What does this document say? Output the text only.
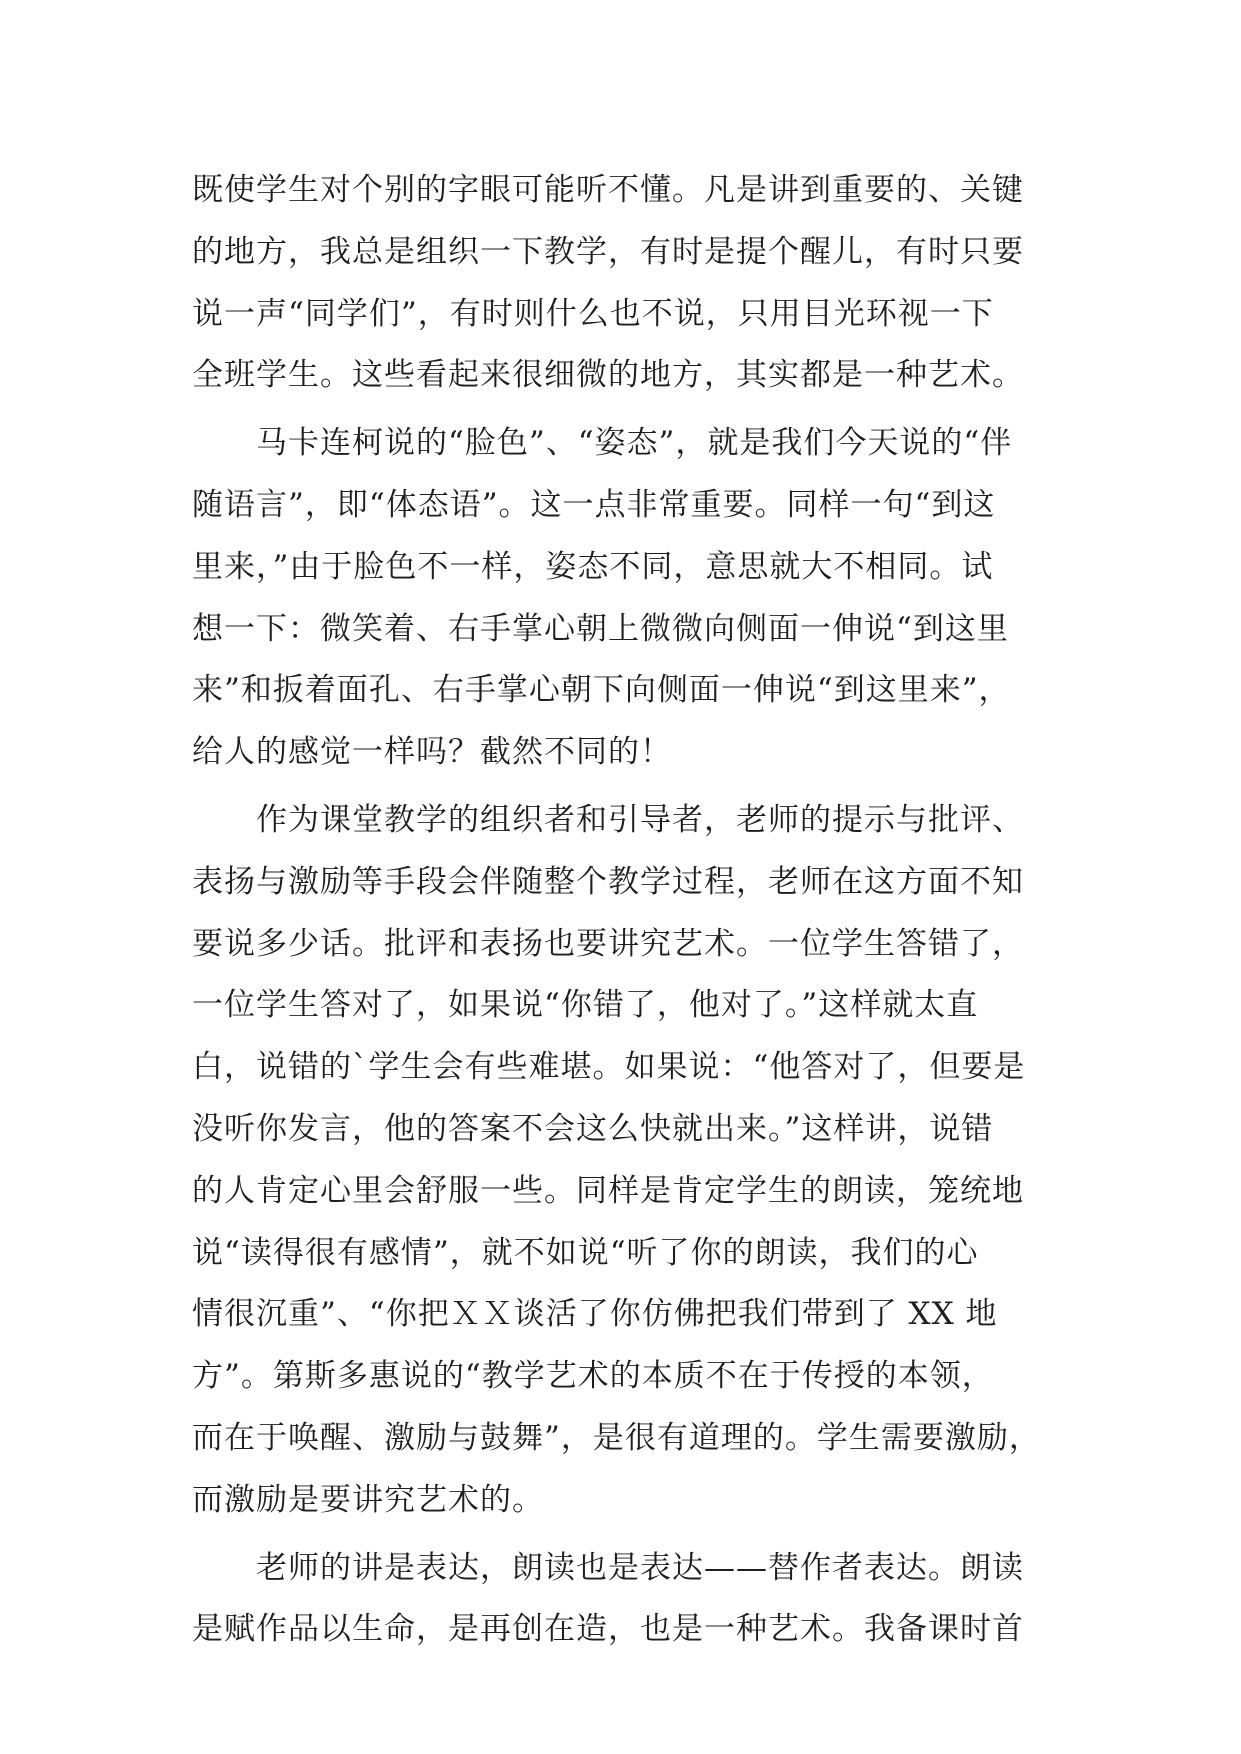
既使学生对个别的字眼可能听不懂。凡是讲到重要的、关键
的地方，我总是组织一下教学，有时是提个醒儿，有时只要
说一声“同学们”，有时则什么也不说，只用目光环视一下
全班学生。这些看起来很细微的地方，其实都是一种艺术。
马卡连柯说的“脸色”、“姿态”，就是我们今天说的“伴
随语言”，即“体态语”。这一点非常重要。同样一句“到这
里来，”由于脸色不一样，姿态不同，意思就大不相同。试
想一下：微笑着、右手掌心朝上微微向侧面一伸说“到这里
来”和扳着面孔、右手掌心朝下向侧面一伸说“到这里来”，
给人的感觉一样吗？截然不同的！
作为课堂教学的组织者和引导者，老师的提示与批评、
表扬与激励等手段会伴随整个教学过程，老师在这方面不知
要说多少话。批评和表扬也要讲究艺术。一位学生答错了，
一位学生答对了，如果说“你错了，他对了。”这样就太直
白，说错的`学生会有些难堪。如果说：“他答对了，但要是
没听你发言，他的答案不会这么快就出来。”这样讲，说错
的人肯定心里会舒服一些。同样是肯定学生的朗读，笼统地
说“读得很有感情”，就不如说“听了你的朗读，我们的心
情很沉重”、“你把ＸＸ谈活了你仿佛把我们带到了 XX 地
方”。第斯多惠说的“教学艺术的本质不在于传授的本领，
而在于唤醒、激励与鼓舞”，是很有道理的。学生需要激励，
而激励是要讲究艺术的。
老师的讲是表达，朗读也是表达——替作者表达。朗读
是赋作品以生命，是再创在造，也是一种艺术。我备课时首
